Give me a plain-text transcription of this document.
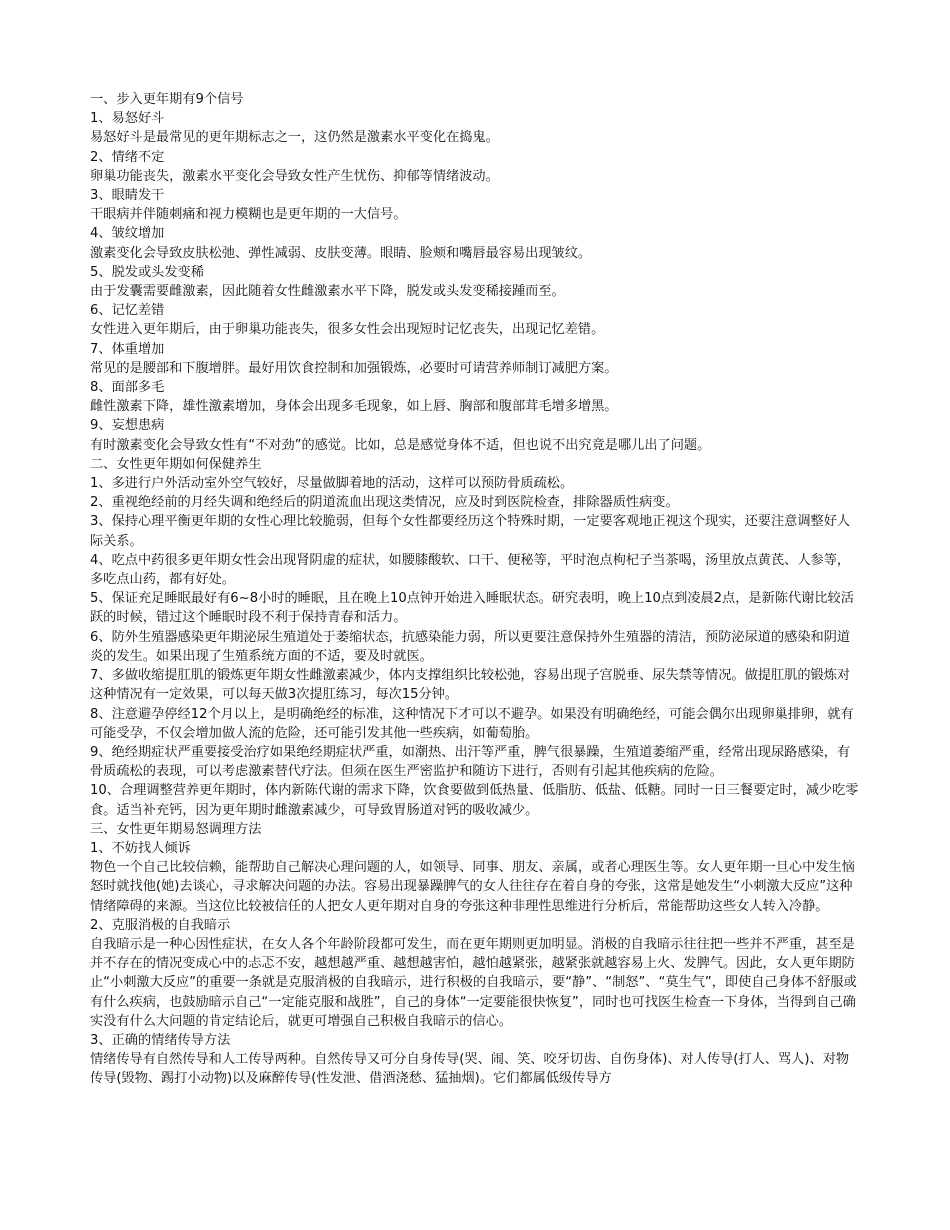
一、步入更年期有9个信号
1、易怒好斗
易怒好斗是最常见的更年期标志之一，这仍然是激素水平变化在捣鬼。
2、情绪不定
卵巢功能丧失，激素水平变化会导致女性产生忧伤、抑郁等情绪波动。
3、眼睛发干
干眼病并伴随刺痛和视力模糊也是更年期的一大信号。
4、皱纹增加
激素变化会导致皮肤松弛、弹性减弱、皮肤变薄。眼睛、脸颊和嘴唇最容易出现皱纹。
5、脱发或头发变稀
由于发囊需要雌激素，因此随着女性雌激素水平下降，脱发或头发变稀接踵而至。
6、记忆差错
女性进入更年期后，由于卵巢功能丧失，很多女性会出现短时记忆丧失，出现记忆差错。
7、体重增加
常见的是腰部和下腹增胖。最好用饮食控制和加强锻炼，必要时可请营养师制订减肥方案。
8、面部多毛
雌性激素下降，雄性激素增加，身体会出现多毛现象，如上唇、胸部和腹部茸毛增多增黑。
9、妄想患病
有时激素变化会导致女性有“不对劲”的感觉。比如，总是感觉身体不适，但也说不出究竟是哪儿出了问题。
二、女性更年期如何保健养生
1、多进行户外活动室外空气较好，尽量做脚着地的活动，这样可以预防骨质疏松。
2、重视绝经前的月经失调和绝经后的阴道流血出现这类情况，应及时到医院检查，排除器质性病变。
3、保持心理平衡更年期的女性心理比较脆弱，但每个女性都要经历这个特殊时期，一定要客观地正视这个现实，还要注意调整好人际关系。
4、吃点中药很多更年期女性会出现肾阴虚的症状，如腰膝酸软、口干、便秘等，平时泡点枸杞子当茶喝，汤里放点黄芪、人参等，多吃点山药，都有好处。
5、保证充足睡眠最好有6~8小时的睡眠，且在晚上10点钟开始进入睡眠状态。研究表明，晚上10点到凌晨2点，是新陈代谢比较活跃的时候，错过这个睡眠时段不利于保持青春和活力。
6、防外生殖器感染更年期泌尿生殖道处于萎缩状态，抗感染能力弱，所以更要注意保持外生殖器的清洁，预防泌尿道的感染和阴道炎的发生。如果出现了生殖系统方面的不适，要及时就医。
7、多做收缩提肛肌的锻炼更年期女性雌激素减少，体内支撑组织比较松弛，容易出现子宫脱垂、尿失禁等情况。做提肛肌的锻炼对这种情况有一定效果，可以每天做3次提肛练习，每次15分钟。
8、注意避孕停经12个月以上，是明确绝经的标准，这种情况下才可以不避孕。如果没有明确绝经，可能会偶尔出现卵巢排卵，就有可能受孕，不仅会增加做人流的危险，还可能引发其他一些疾病，如葡萄胎。
9、绝经期症状严重要接受治疗如果绝经期症状严重，如潮热、出汗等严重，脾气很暴躁，生殖道萎缩严重，经常出现尿路感染，有骨质疏松的表现，可以考虑激素替代疗法。但须在医生严密监护和随访下进行，否则有引起其他疾病的危险。
10、合理调整营养更年期时，体内新陈代谢的需求下降，饮食要做到低热量、低脂肪、低盐、低糖。同时一日三餐要定时，减少吃零食。适当补充钙，因为更年期时雌激素减少，可导致胃肠道对钙的吸收减少。
三、女性更年期易怒调理方法
1、不妨找人倾诉
物色一个自己比较信赖，能帮助自己解决心理问题的人，如领导、同事、朋友、亲属，或者心理医生等。女人更年期一旦心中发生恼怒时就找他(她)去谈心，寻求解决问题的办法。容易出现暴躁脾气的女人往往存在着自身的夸张，这常是她发生“小刺激大反应”这种情绪障碍的来源。当这位比较被信任的人把女人更年期对自身的夸张这种非理性思维进行分析后，常能帮助这些女人转入冷静。
2、克服消极的自我暗示
自我暗示是一种心因性症状，在女人各个年龄阶段都可发生，而在更年期则更加明显。消极的自我暗示往往把一些并不严重，甚至是并不存在的情况变成心中的忐忑不安，越想越严重、越想越害怕，越怕越紧张，越紧张就越容易上火、发脾气。因此，女人更年期防止“小刺激大反应”的重要一条就是克服消极的自我暗示，进行积极的自我暗示，要“静”、“制怒”、“莫生气”，即使自己身体不舒服或有什么疾病，也鼓励暗示自己“一定能克服和战胜”，自己的身体“一定要能很快恢复”，同时也可找医生检查一下身体，当得到自己确实没有什么大问题的肯定结论后，就更可增强自己积极自我暗示的信心。
3、正确的情绪传导方法
情绪传导有自然传导和人工传导两种。自然传导又可分自身传导(哭、闹、笑、咬牙切齿、自伤身体)、对人传导(打人、骂人)、对物传导(毁物、踢打小动物)以及麻醉传导(性发泄、借酒浇愁、猛抽烟)。它们都属低级传导方
